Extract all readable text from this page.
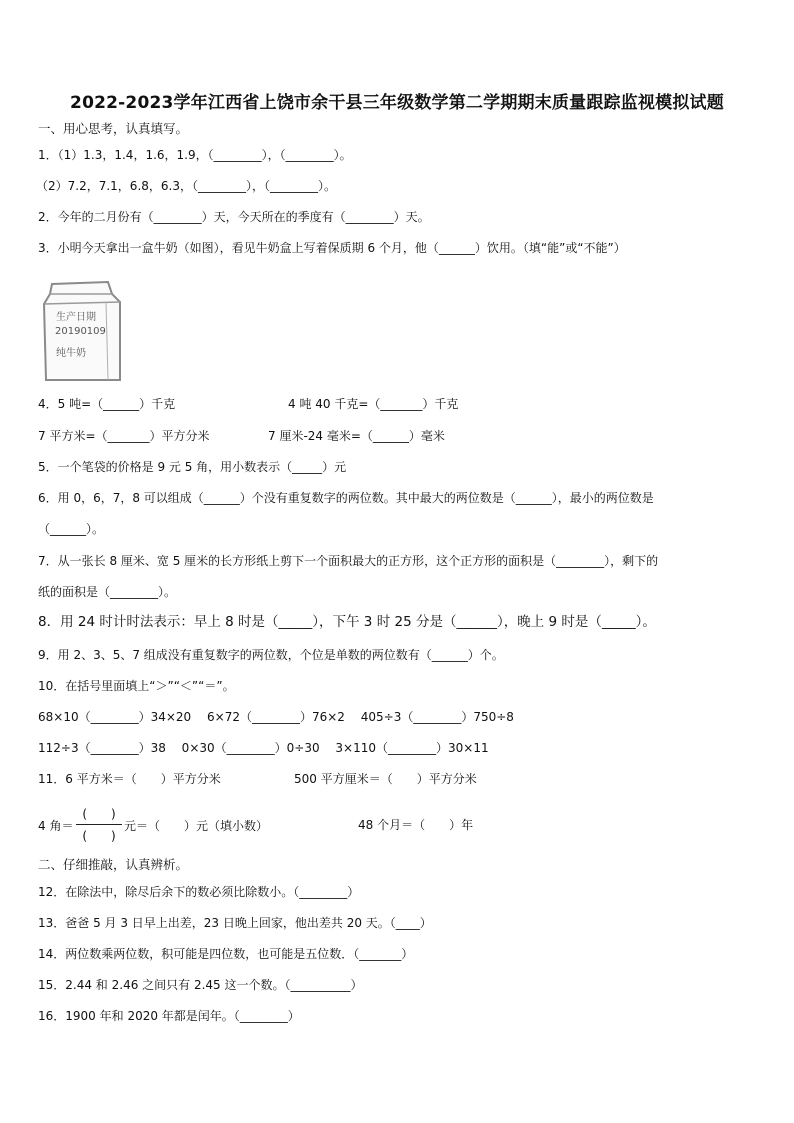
2022-2023学年江西省上饶市余干县三年级数学第二学期期末质量跟踪监视模拟试题
一、用心思考，认真填写。
1．（1）1.3，1.4，1.6，1.9，（________），（________）。
（2）7.2，7.1，6.8，6.3，（________），（________）。
2．今年的二月份有（________）天，今天所在的季度有（________）天。
3．小明今天拿出一盒牛奶（如图），看见牛奶盒上写着保质期 6 个月，他（______）饮用。（填“能”或“不能”）
生产日期
20190109
纯牛奶
4．5 吨=（______）千克	4 吨 40 千克=（_______）千克
7 平方米=（_______）平方分米	7 厘米-24 毫米=（______）毫米
5．一个笔袋的价格是 9 元 5 角，用小数表示（_____）元
6．用 0，6，7，8 可以组成（______）个没有重复数字的两位数。其中最大的两位数是（______），最小的两位数是
（______）。
7．从一张长 8 厘米、宽 5 厘米的长方形纸上剪下一个面积最大的正方形，这个正方形的面积是（________），剩下的
纸的面积是（________）。
8．用 24 时计时法表示：早上 8 时是（_____），下午 3 时 25 分是（______），晚上 9 时是（_____）。
9．用 2、3、5、7 组成没有重复数字的两位数，个位是单数的两位数有（______）个。
10．在括号里面填上“＞”“＜”“＝”。
68×10（________）34×20　 6×72（________）76×2　 405÷3（________）750÷8
112÷3（________）38　 0×30（________）0÷30　 3×110（________）30×11
11．6 平方米＝（　　）平方分米	500 平方厘米＝（　　）平方分米
4 角＝
(　　)
(　　)
元＝（　　）元（填小数）	48 个月＝（　　）年
二、仔细推敲，认真辨析。
12．在除法中，除尽后余下的数必须比除数小。（________）
13．爸爸 5 月 3 日早上出差，23 日晚上回家，他出差共 20 天。（____）
14．两位数乘两位数，积可能是四位数，也可能是五位数．（_______）
15．2.44 和 2.46 之间只有 2.45 这一个数。（__________）
16．1900 年和 2020 年都是闰年。（________）
